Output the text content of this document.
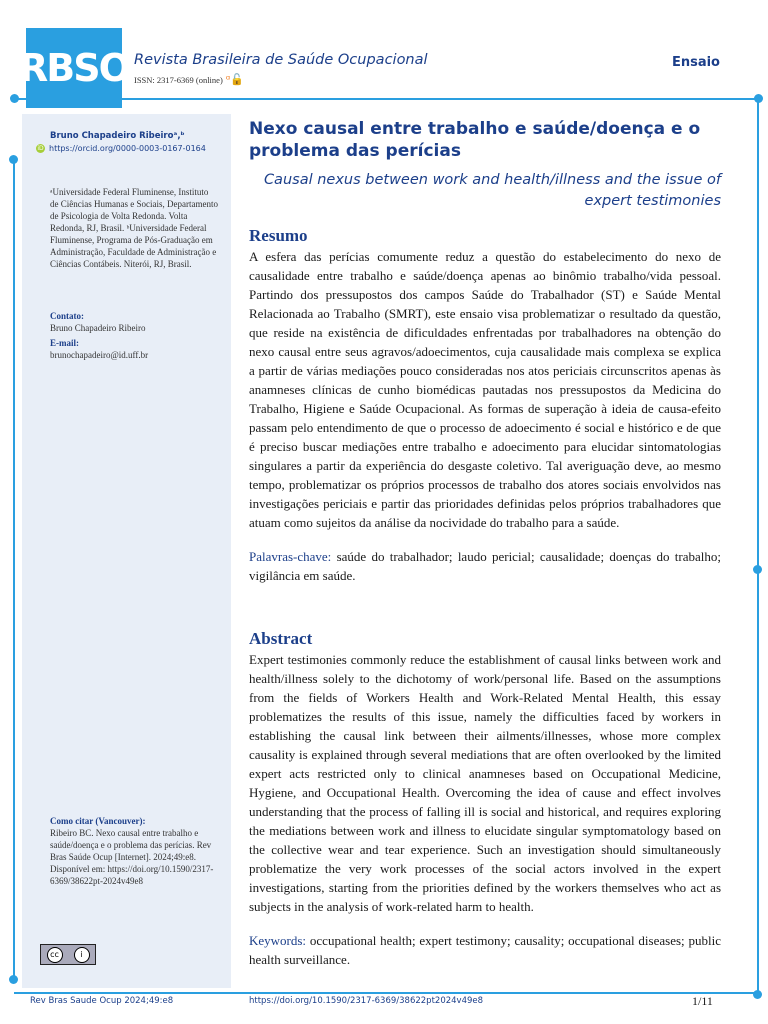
RBSO Revista Brasileira de Saúde Ocupacional
ISSN: 2317-6369 (online) ᵅ🔓
Ensaio
Bruno Chapadeiro Ribeiroᵃ,ᵇ
iD https://orcid.org/0000-0003-0167-0164
ᵃUniversidade Federal Fluminense, Instituto de Ciências Humanas e Sociais, Departamento de Psicologia de Volta Redonda. Volta Redonda, RJ, Brasil. ᵇUniversidade Federal Fluminense, Programa de Pós-Graduação em Administração, Faculdade de Administração e Ciências Contábeis. Niterói, RJ, Brasil.
Contato:
Bruno Chapadeiro Ribeiro
E-mail:
brunochapadeiro@id.uff.br
Como citar (Vancouver):
Ribeiro BC. Nexo causal entre trabalho e saúde/doença e o problema das perícias. Rev Bras Saúde Ocup [Internet]. 2024;49:e8. Disponível em: https://doi.org/10.1590/2317-6369/38622pt-2024v49e8
cc	i
Nexo causal entre trabalho e saúde/doença e o problema das perícias
Causal nexus between work and health/illness and the issue of expert testimonies
Resumo
A esfera das perícias comumente reduz a questão do estabelecimento do nexo de causalidade entre trabalho e saúde/doença apenas ao binômio trabalho/vida pessoal. Partindo dos pressupostos dos campos Saúde do Trabalhador (ST) e Saúde Mental Relacionada ao Trabalho (SMRT), este ensaio visa problematizar o resultado da questão, que reside na existência de dificuldades enfrentadas por trabalhadores na obtenção do nexo causal entre seus agravos/adoecimentos, cuja causalidade mais complexa se explica a partir de várias mediações pouco consideradas nos atos periciais circunscritos apenas às anamneses clínicas de cunho biomédicas pautadas nos pressupostos da Medicina do Trabalho, Higiene e Saúde Ocupacional. As formas de superação à ideia de causa-efeito passam pelo entendimento de que o processo de adoecimento é social e histórico e de que é preciso buscar mediações entre trabalho e adoecimento para elucidar sintomatologias singulares a partir da experiência do desgaste coletivo. Tal averiguação deve, ao mesmo tempo, problematizar os próprios processos de trabalho dos atores sociais envolvidos nas investigações periciais e partir das prioridades definidas pelos próprios trabalhadores que atuam como sujeitos da análise da nocividade do trabalho para a saúde.
Palavras-chave: saúde do trabalhador; laudo pericial; causalidade; doenças do trabalho; vigilância em saúde.
Abstract
Expert testimonies commonly reduce the establishment of causal links between work and health/illness solely to the dichotomy of work/personal life. Based on the assumptions from the fields of Workers Health and Work-Related Mental Health, this essay problematizes the results of this issue, namely the difficulties faced by workers in establishing the causal link between their ailments/illnesses, whose more complex causality is explained through several mediations that are often overlooked by the limited expert acts restricted only to clinical anamneses based on Occupational Medicine, Hygiene, and Occupational Health. Overcoming the idea of cause and effect involves understanding that the process of falling ill is social and historical, and requires exploring the mediations between work and illness to elucidate singular symptomatology based on the collective wear and tear experience. Such an investigation should simultaneously problematize the very work processes of the social actors involved in the expert investigations, starting from the priorities defined by the workers themselves who act as subjects in the analysis of work-related harm to health.
Keywords: occupational health; expert testimony; causality; occupational diseases; public health surveillance.
Rev Bras Saude Ocup 2024;49:e8	https://doi.org/10.1590/2317-6369/38622pt2024v49e8	1/11
